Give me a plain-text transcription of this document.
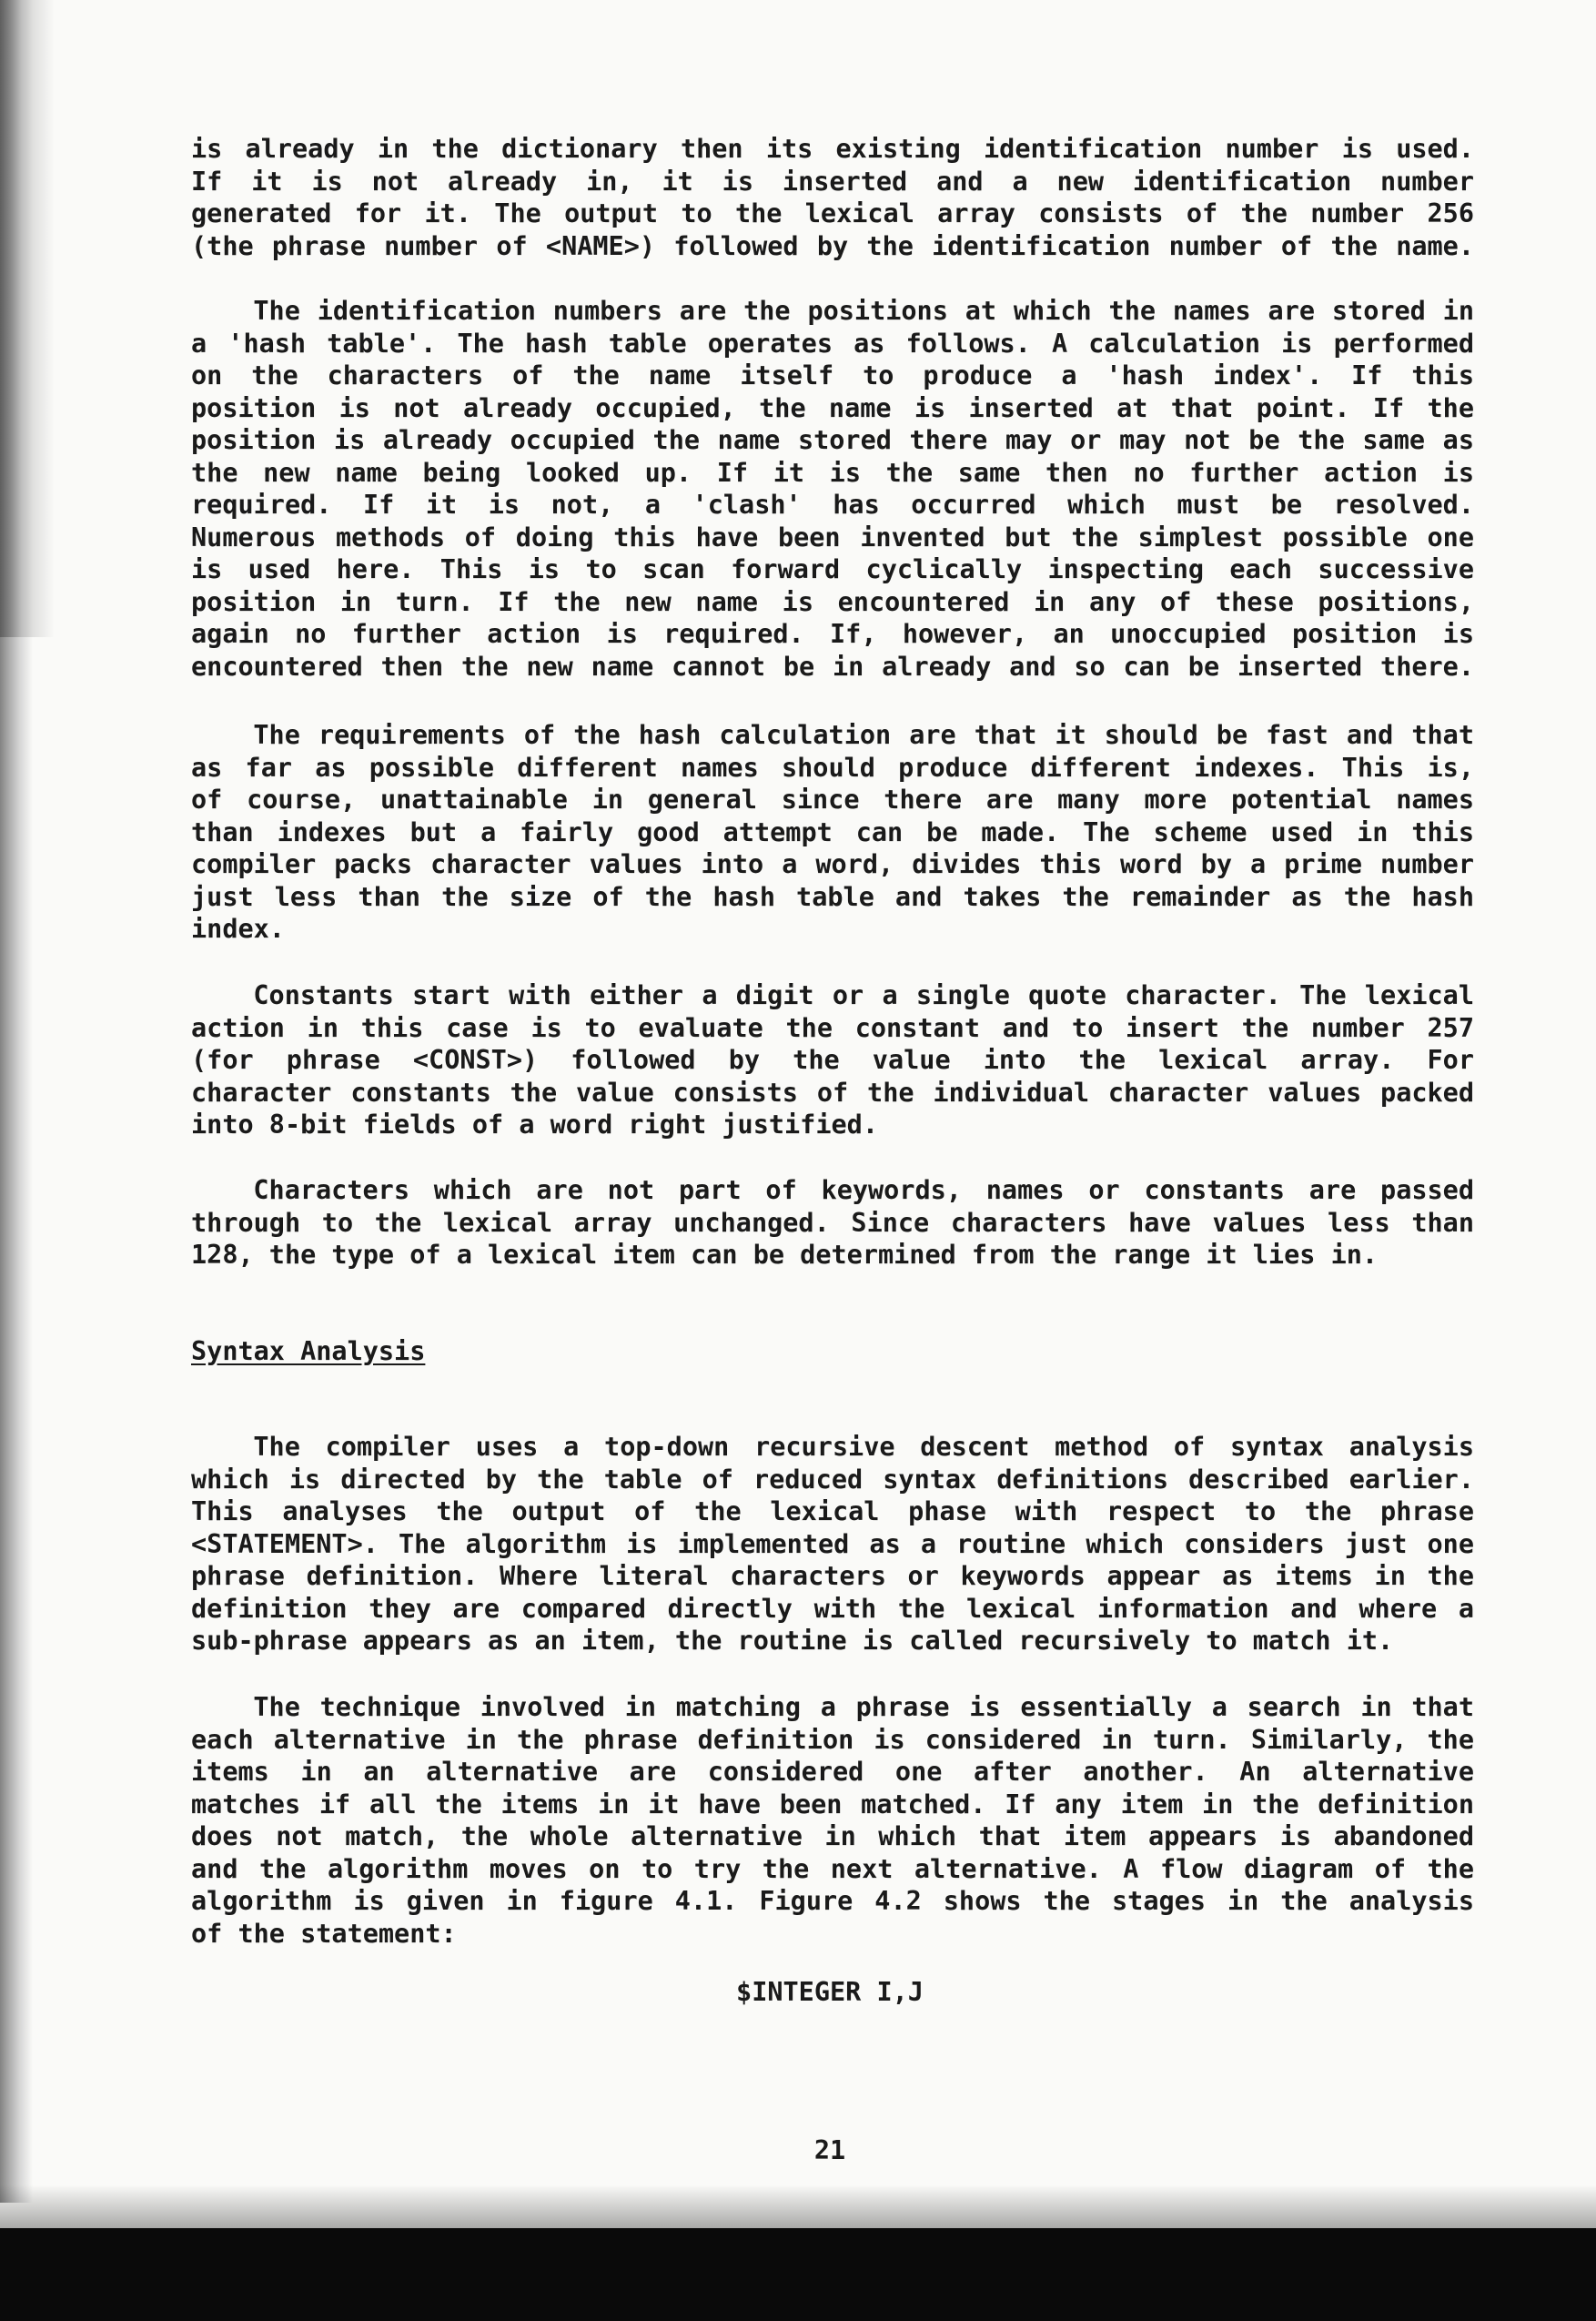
is already in the dictionary then its existing identification number is used.
If it is not already in, it is inserted and a new identification number
generated for it. The output to the lexical array consists of the number 256
(the phrase number of <NAME>) followed by the identification number of the name.
The identification numbers are the positions at which the names are stored in
a 'hash table'. The hash table operates as follows. A calculation is performed
on the characters of the name itself to produce a 'hash index'. If this
position is not already occupied, the name is inserted at that point. If the
position is already occupied the name stored there may or may not be the same as
the new name being looked up. If it is the same then no further action is
required. If it is not, a 'clash' has occurred which must be resolved.
Numerous methods of doing this have been invented but the simplest possible one
is used here. This is to scan forward cyclically inspecting each successive
position in turn. If the new name is encountered in any of these positions,
again no further action is required. If, however, an unoccupied position is
encountered then the new name cannot be in already and so can be inserted there.
The requirements of the hash calculation are that it should be fast and that
as far as possible different names should produce different indexes. This is,
of course, unattainable in general since there are many more potential names
than indexes but a fairly good attempt can be made. The scheme used in this
compiler packs character values into a word, divides this word by a prime number
just less than the size of the hash table and takes the remainder as the hash
index.
Constants start with either a digit or a single quote character. The lexical
action in this case is to evaluate the constant and to insert the number 257
(for phrase <CONST>) followed by the value into the lexical array. For
character constants the value consists of the individual character values packed
into 8-bit fields of a word right justified.
Characters which are not part of keywords, names or constants are passed
through to the lexical array unchanged. Since characters have values less than
128, the type of a lexical item can be determined from the range it lies in.
Syntax Analysis
The compiler uses a top-down recursive descent method of syntax analysis
which is directed by the table of reduced syntax definitions described earlier.
This analyses the output of the lexical phase with respect to the phrase
<STATEMENT>. The algorithm is implemented as a routine which considers just one
phrase definition. Where literal characters or keywords appear as items in the
definition they are compared directly with the lexical information and where a
sub-phrase appears as an item, the routine is called recursively to match it.
The technique involved in matching a phrase is essentially a search in that
each alternative in the phrase definition is considered in turn. Similarly, the
items in an alternative are considered one after another. An alternative
matches if all the items in it have been matched. If any item in the definition
does not match, the whole alternative in which that item appears is abandoned
and the algorithm moves on to try the next alternative. A flow diagram of the
algorithm is given in figure 4.1. Figure 4.2 shows the stages in the analysis
of the statement:
$INTEGER I,J
21
